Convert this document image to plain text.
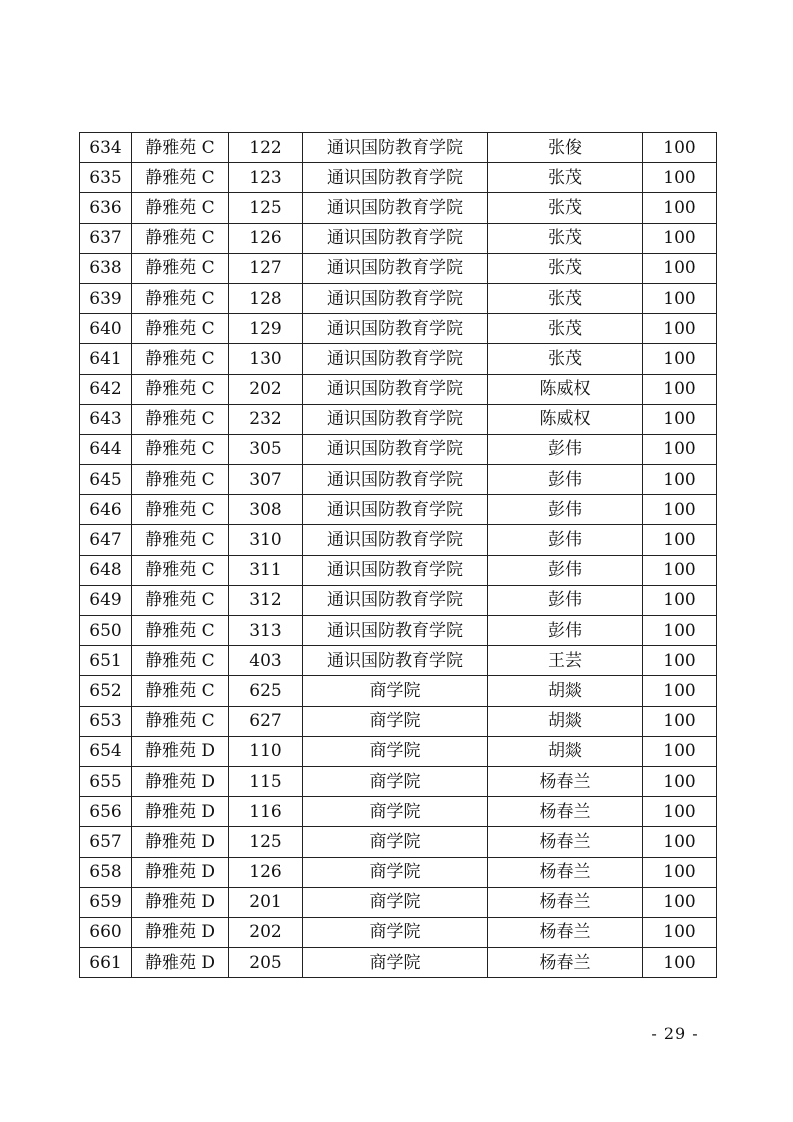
634	静雅苑 C	122	通识国防教育学院	张俊	100
635	静雅苑 C	123	通识国防教育学院	张茂	100
636	静雅苑 C	125	通识国防教育学院	张茂	100
637	静雅苑 C	126	通识国防教育学院	张茂	100
638	静雅苑 C	127	通识国防教育学院	张茂	100
639	静雅苑 C	128	通识国防教育学院	张茂	100
640	静雅苑 C	129	通识国防教育学院	张茂	100
641	静雅苑 C	130	通识国防教育学院	张茂	100
642	静雅苑 C	202	通识国防教育学院	陈威权	100
643	静雅苑 C	232	通识国防教育学院	陈威权	100
644	静雅苑 C	305	通识国防教育学院	彭伟	100
645	静雅苑 C	307	通识国防教育学院	彭伟	100
646	静雅苑 C	308	通识国防教育学院	彭伟	100
647	静雅苑 C	310	通识国防教育学院	彭伟	100
648	静雅苑 C	311	通识国防教育学院	彭伟	100
649	静雅苑 C	312	通识国防教育学院	彭伟	100
650	静雅苑 C	313	通识国防教育学院	彭伟	100
651	静雅苑 C	403	通识国防教育学院	王芸	100
652	静雅苑 C	625	商学院	胡燚	100
653	静雅苑 C	627	商学院	胡燚	100
654	静雅苑 D	110	商学院	胡燚	100
655	静雅苑 D	115	商学院	杨春兰	100
656	静雅苑 D	116	商学院	杨春兰	100
657	静雅苑 D	125	商学院	杨春兰	100
658	静雅苑 D	126	商学院	杨春兰	100
659	静雅苑 D	201	商学院	杨春兰	100
660	静雅苑 D	202	商学院	杨春兰	100
661	静雅苑 D	205	商学院	杨春兰	100
- 29 -
